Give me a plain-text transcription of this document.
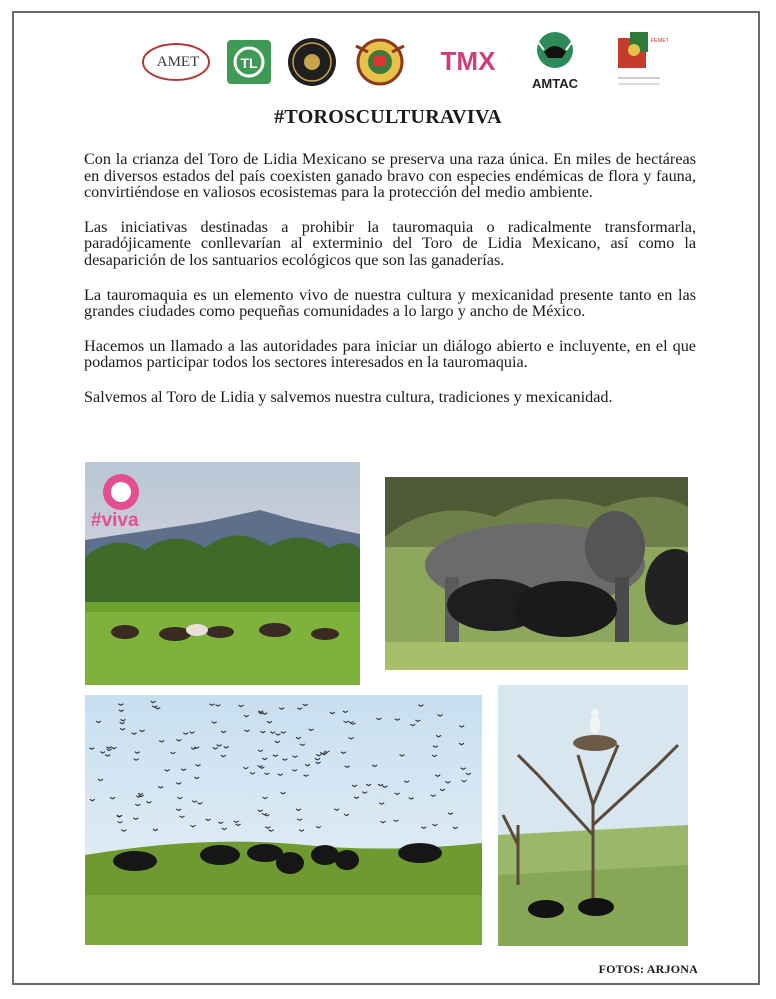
AMET	TL	TMX
AMTAC
FEMET
#TOROSCULTURAVIVA

Con la crianza del Toro de Lidia Mexicano se preserva una raza única. En miles de hectáreas en diversos estados del país coexisten ganado bravo con especies endémicas de flora y fauna, convirtiéndose en valiosos ecosistemas para la protección del medio ambiente.

Las iniciativas destinadas a prohibir la tauromaquia o radicalmente transformarla, paradójicamente conllevarían al exterminio del Toro de Lidia Mexicano, así como la desaparición de los santuarios ecológicos que son las ganaderías.

La tauromaquia es un elemento vivo de nuestra cultura y mexicanidad presente tanto en las grandes ciudades como pequeñas comunidades a lo largo y ancho de México.

Hacemos un llamado a las autoridades para iniciar un diálogo abierto e incluyente, en el que podamos participar todos los sectores interesados en la tauromaquia.

Salvemos al Toro de Lidia y salvemos nuestra cultura, tradiciones y mexicanidad.

#viva
FOTOS: ARJONA
